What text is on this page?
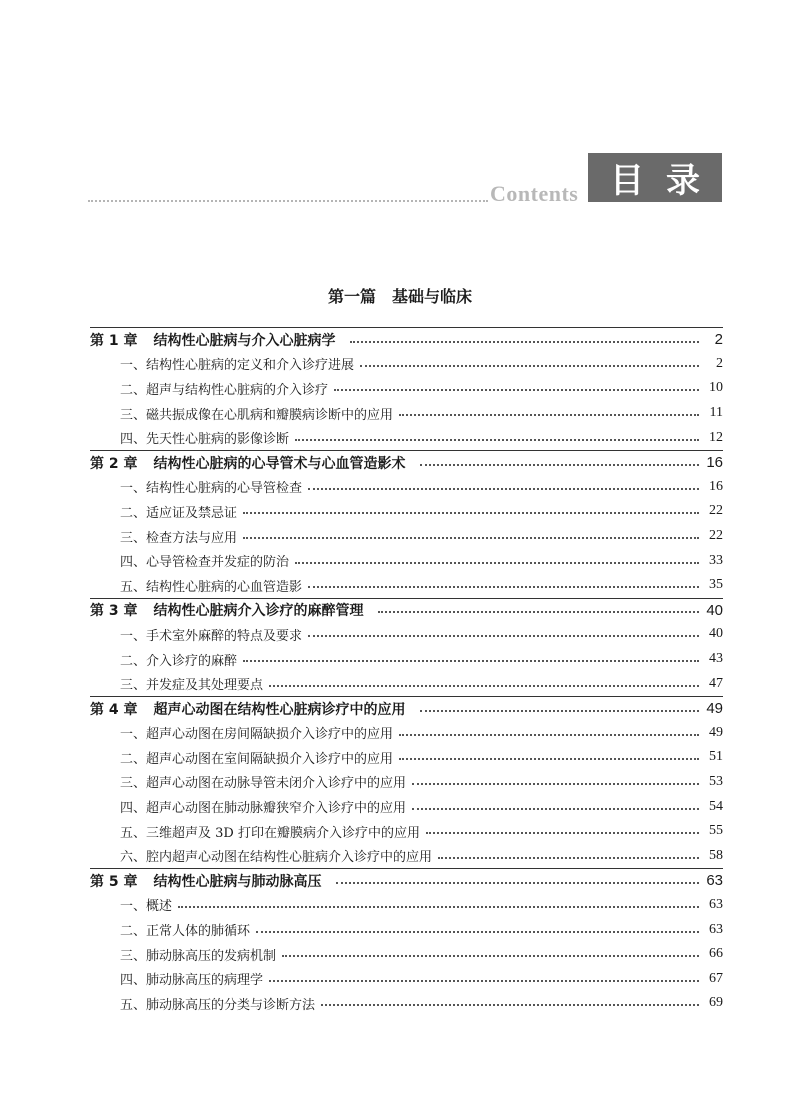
Contents 目录
第一篇　基础与临床
第 1 章 结构性心脏病与介入心脏病学	2
一、结构性心脏病的定义和介入诊疗进展	2
二、超声与结构性心脏病的介入诊疗	10
三、磁共振成像在心肌病和瓣膜病诊断中的应用	11
四、先天性心脏病的影像诊断	12
第 2 章 结构性心脏病的心导管术与心血管造影术	16
一、结构性心脏病的心导管检查	16
二、适应证及禁忌证	22
三、检查方法与应用	22
四、心导管检查并发症的防治	33
五、结构性心脏病的心血管造影	35
第 3 章 结构性心脏病介入诊疗的麻醉管理	40
一、手术室外麻醉的特点及要求	40
二、介入诊疗的麻醉	43
三、并发症及其处理要点	47
第 4 章 超声心动图在结构性心脏病诊疗中的应用	49
一、超声心动图在房间隔缺损介入诊疗中的应用	49
二、超声心动图在室间隔缺损介入诊疗中的应用	51
三、超声心动图在动脉导管未闭介入诊疗中的应用	53
四、超声心动图在肺动脉瓣狭窄介入诊疗中的应用	54
五、三维超声及 3D 打印在瓣膜病介入诊疗中的应用	55
六、腔内超声心动图在结构性心脏病介入诊疗中的应用	58
第 5 章 结构性心脏病与肺动脉高压	63
一、概述	63
二、正常人体的肺循环	63
三、肺动脉高压的发病机制	66
四、肺动脉高压的病理学	67
五、肺动脉高压的分类与诊断方法	69
